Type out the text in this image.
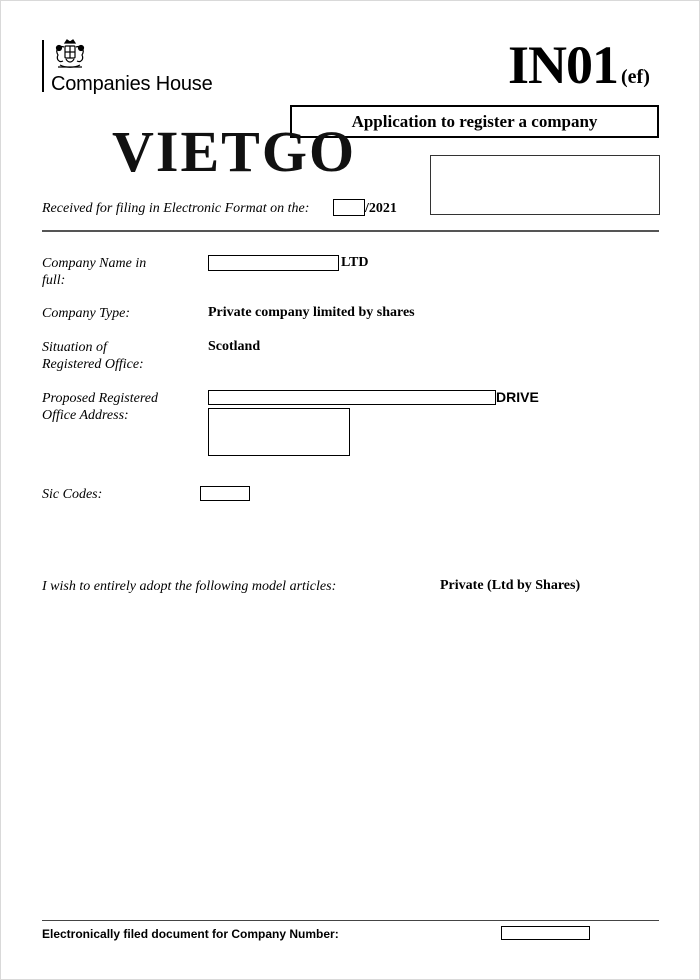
Companies House	IN01 (ef)
Application to register a company
VIETGO
Received for filing in Electronic Format on the:	/2021
Company Name in full:
LTD
Company Type:	Private company limited by shares
Situation of Registered Office:
Scotland
Proposed Registered Office Address:
DRIVE
Sic Codes:
I wish to entirely adopt the following model articles:	Private (Ltd by Shares)
Electronically filed document for Company Number:
